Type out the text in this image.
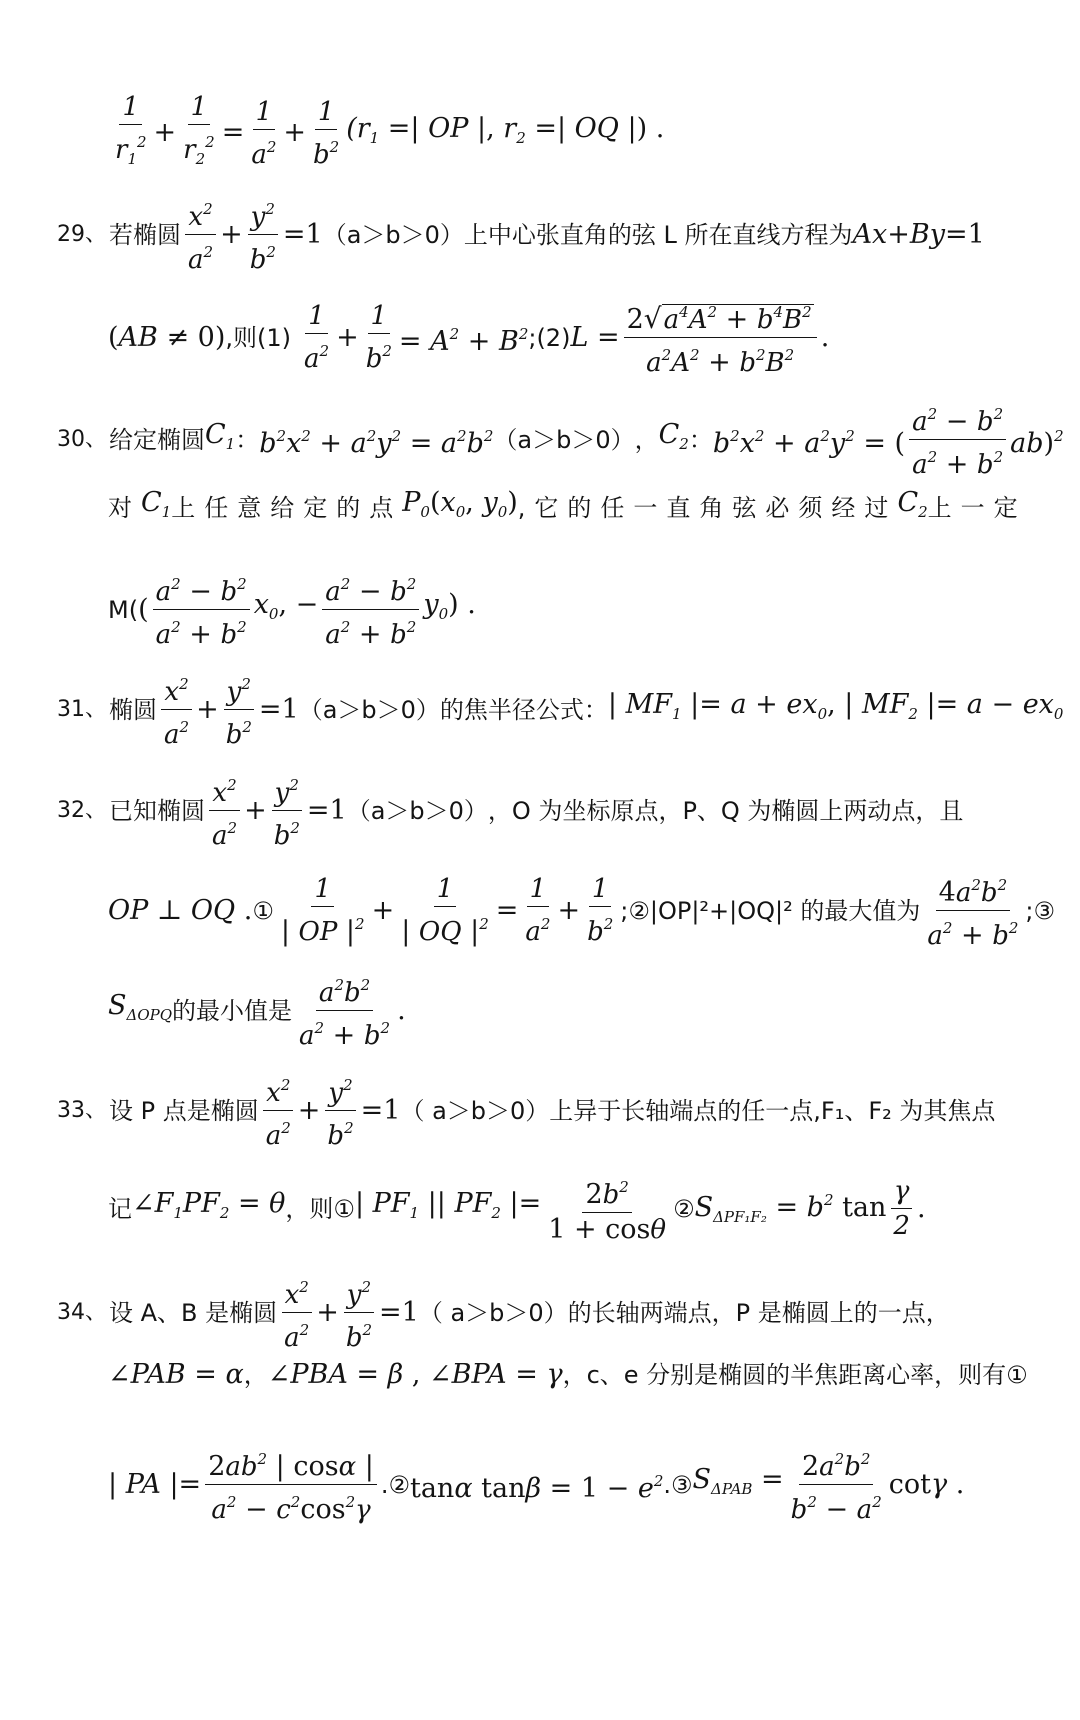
$\frac{1}{r_1^2} + \frac{1}{r_2^2} = \frac{1}{a^2} + \frac{1}{b^2} (r_1$ =| OP |, $r_2$ =| OQ |) .
29、 若椭圆 $\frac{x^2}{a^2} + \frac{y^2}{b^2} =1$ （a＞b＞0） 上中心张直角的弦 L 所在直线方程为 Ax+By=1
(AB ≠ 0) ,则$(1) \frac{1}{a^2} + \frac{1}{b^2} = A^2 + B^2$ ;(2) $L = \frac{2√a^4A^2 + b^4B^2}{a^2A^2 + b^2B^2}$ .
30、 给定椭圆 $C_1$ ： $b^2x^2 + a^2y^2 = a^2b^2$ （a＞b＞0） ， $C_2$ ： $b^2x^2 + a^2y^2$ = ( $\frac{a^2 - b^2}{a^2 + b^2} ab)^2$
对 $C_1$ 上任意给定的点 $P_0(x_0$, $y_0$) ,它的任一直角弦必须经过 $C_2$ 上一定
M( ( $\frac{a^2 - b^2}{a^2 + b^2} x_0$, − $\frac{a^2 - b^2}{a^2 + b^2} y_0$) .
31、 椭圆 $\frac{x^2}{a^2} + \frac{y^2}{b^2} =1$ （a＞b＞0） 的焦半径公式： | $MF_1$ |= $a + ex_0$, | $MF_2$ |= $a - ex_0$
32、 已知椭圆 $\frac{x^2}{a^2} + \frac{y^2}{b^2} =1$ （a＞b＞0） ，O 为坐标原点，P、Q 为椭圆上两动点，且
OP ⊥ OQ . ① $\frac{1}{| OP |^2} + \frac{1}{| OQ |^2} = \frac{1}{a^2} + \frac{1}{b^2}$ ;②|OP|²+|OQ|² 的最大值为 $\frac{4a^2b^2}{a^2 + b^2}$ ;③
$S_{\Delta OPQ}$ 的最小值是 $\frac{a^2b^2}{a^2 + b^2}$ .
33、 设 P 点是椭圆 $\frac{x^2}{a^2} + \frac{y^2}{b^2} =1$ （ a＞b＞0） 上异于长轴端点的任一点,F₁、F₂ 为其焦点
记 $\angle F_1PF_2 = \theta$ ，则① | $PF_1$ || $PF_2$ |= $\frac{2b^2}{1 + \cos\theta}$ ② $S_{\Delta PF_1F_2} = b^2$ $\tan \frac{\gamma}{2}$ .
34、 设 A、B 是椭圆 $\frac{x^2}{a^2} + \frac{y^2}{b^2} =1$ （ a＞b＞0） 的长轴两端点，P 是椭圆上的一点，
∠PAB = α ， ∠PBA = β , ∠BPA = γ ，c、e 分别是椭圆的半焦距离心率，则有①
| PA |= $\frac{2ab^2 | \cos\alpha |}{a^2 - c^2\cos^2\gamma}$ .② tanα $\tan\beta = 1 - e^2$ .③ $S_{\Delta PAB} = \frac{2a^2b^2}{b^2 - a^2}$ cotγ .
